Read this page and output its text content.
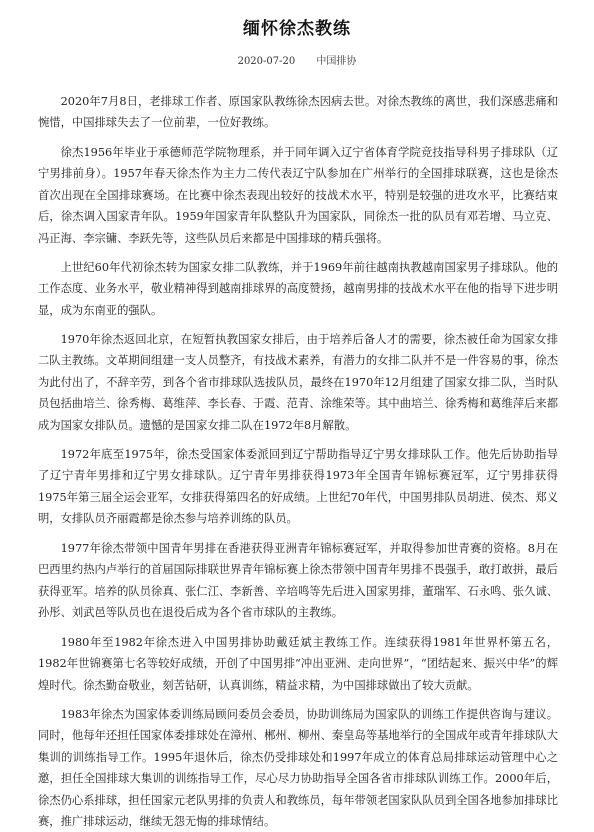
缅怀徐杰教练
2020-07-20 中国排协

2020年7月8日，老排球工作者、原国家队教练徐杰因病去世。对徐杰教练的离世，我们深感悲痛和惋惜，中国排球失去了一位前辈，一位好教练。

徐杰1956年毕业于承德师范学院物理系，并于同年调入辽宁省体育学院竞技指导科男子排球队（辽宁男排前身）。1957年春天徐杰作为主力二传代表辽宁队参加在广州举行的全国排球联赛，这也是徐杰首次出现在全国排球赛场。在比赛中徐杰表现出较好的技战术水平，特别是较强的进攻水平，比赛结束后，徐杰调入国家青年队。1959年国家青年队整队升为国家队，同徐杰一批的队员有邓若增、马立克、冯正海、李宗镛、李跃先等，这些队员后来都是中国排球的精兵强将。

上世纪60年代初徐杰转为国家女排二队教练，并于1969年前往越南执教越南国家男子排球队。他的工作态度、业务水平，敬业精神得到越南排球界的高度赞扬，越南男排的技战术水平在他的指导下进步明显，成为东南亚的强队。

1970年徐杰返回北京，在短暂执教国家女排后，由于培养后备人才的需要，徐杰被任命为国家女排二队主教练。文革期间组建一支人员整齐，有技战术素养，有潜力的女排二队并不是一件容易的事，徐杰为此付出了，不辞辛劳，到各个省市排球队选拔队员，最终在1970年12月组建了国家女排二队，当时队员包括曲培兰、徐秀梅、葛维萍、李长春、于霞、范青、涂维荣等。其中曲培兰、徐秀梅和葛维萍后来都成为国家女排队员。遗憾的是国家女排二队在1972年8月解散。

1972年底至1975年，徐杰受国家体委派回到辽宁帮助指导辽宁男女排球队工作。他先后协助指导了辽宁青年男排和辽宁男女排球队。辽宁青年男排获得1973年全国青年锦标赛冠军，辽宁男排获得1975年第三届全运会亚军，女排获得第四名的好成绩。上世纪70年代，中国男排队员胡进、侯杰、郑义明，女排队员齐丽霞都是徐杰参与培养训练的队员。

1977年徐杰带领中国青年男排在香港获得亚洲青年锦标赛冠军，并取得参加世青赛的资格。8月在巴西里约热内卢举行的首届国际排联世界青年锦标赛上徐杰带领中国青年男排不畏强手，敢打敢拼，最后获得亚军。培养的队员徐真、张仁江、李新善、辛培鸣等先后进入国家男排，董瑞军、石永鸣、张久诚、孙彤、刘武邑等队员也在退役后成为各个省市球队的主教练。

1980年至1982年徐杰进入中国男排协助戴廷斌主教练工作。连续获得1981年世界杯第五名，1982年世锦赛第七名等较好成绩，开创了中国男排“冲出亚洲、走向世界”，“团结起来、振兴中华”的辉煌时代。徐杰勤奋敬业，刻苦钻研，认真训练，精益求精，为中国排球做出了较大贡献。

1983年徐杰为国家体委训练局顾问委员会委员，协助训练局为国家队的训练工作提供咨询与建议。同时，他每年还担任国家体委排球处在漳州、郴州、柳州、秦皇岛等基地举行的全国成年或青年排球队大集训的训练指导工作。1995年退休后，徐杰仍受排球处和1997年成立的体育总局排球运动管理中心之邀，担任全国排球大集训的训练指导工作，尽心尽力协助指导全国各省市排球队训练工作。2000年后，徐杰仍心系排球，担任国家元老队男排的负责人和教练员，每年带领老国家队队员到全国各地参加排球比赛，推广排球运动，继续无怨无悔的排球情结。
